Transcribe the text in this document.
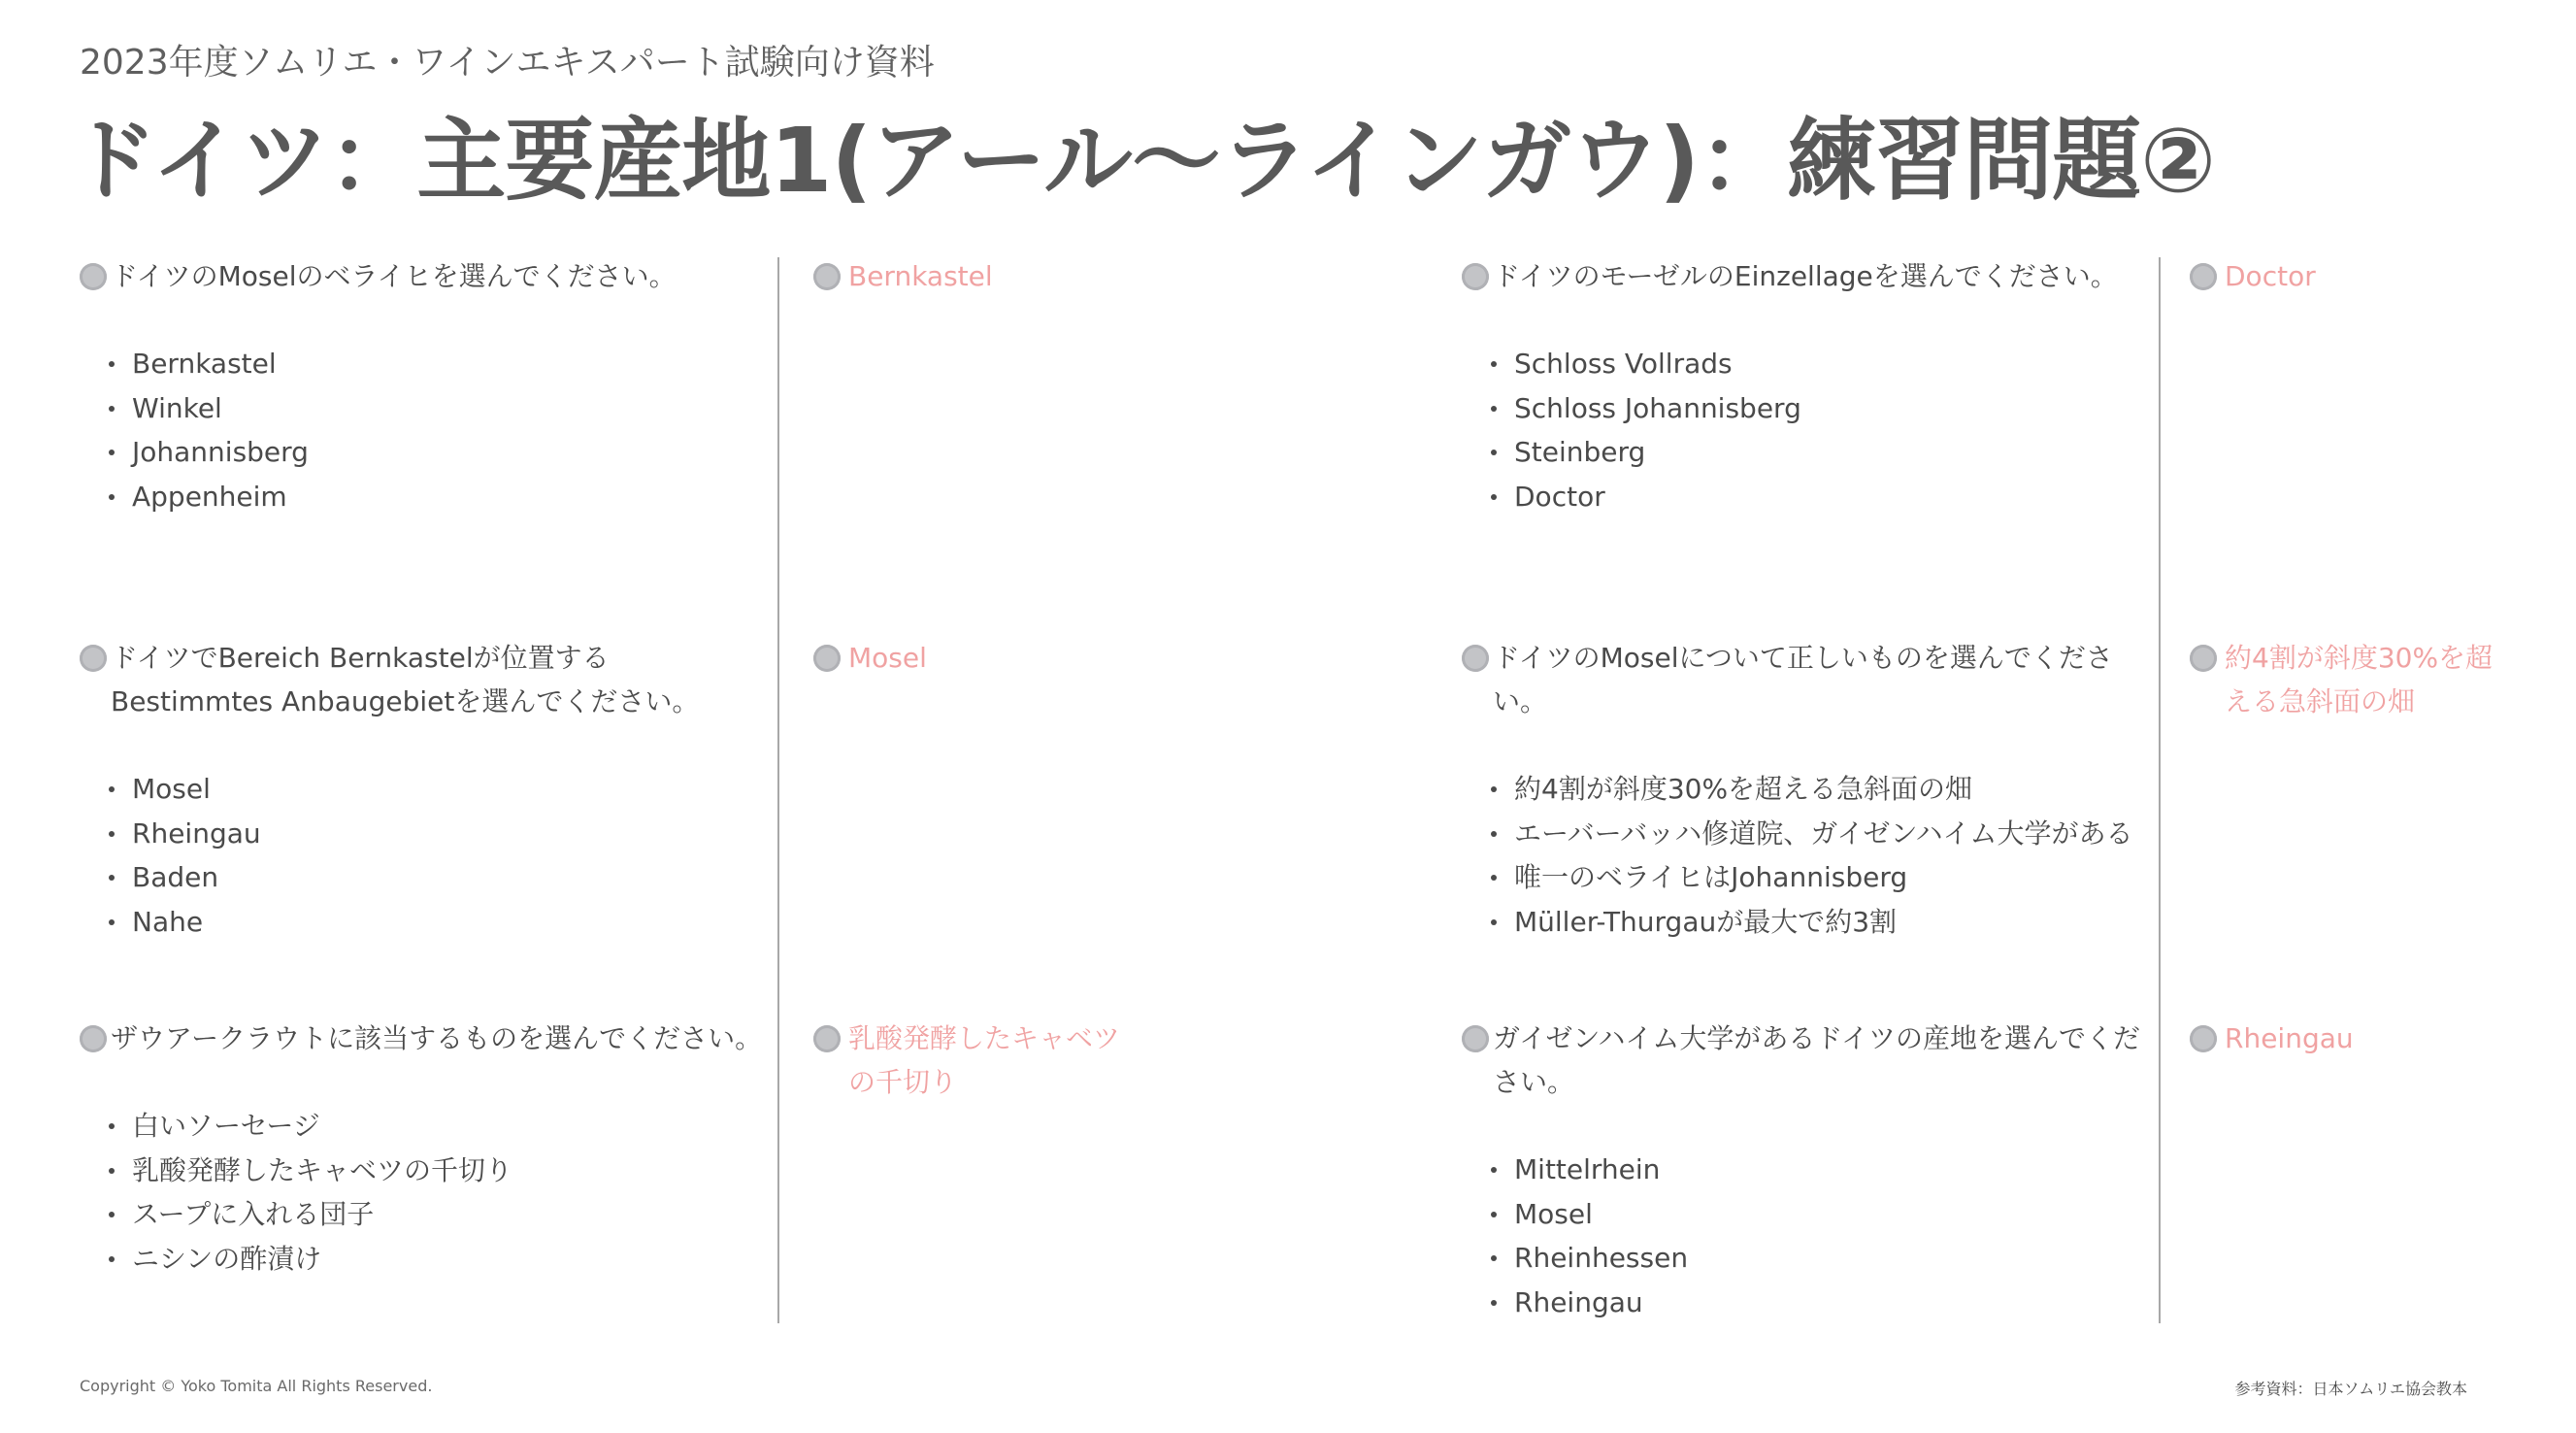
2023年度ソムリエ・ワインエキスパート試験向け資料
ドイツ：主要産地1(アール〜ラインガウ)：練習問題②
ドイツのMoselのベライヒを選んでください。
Bernkastel
Winkel
Johannisberg
Appenheim
Bernkastel
ドイツでBereich Bernkastelが位置するBestimmtes Anbaugebietを選んでください。
Mosel
Rheingau
Baden
Nahe
Mosel
ザウアークラウトに該当するものを選んでください。
白いソーセージ
乳酸発酵したキャベツの千切り
スープに入れる団子
ニシンの酢漬け
乳酸発酵したキャベツの千切り
ドイツのモーゼルのEinzellageを選んでください。
Schloss Vollrads
Schloss Johannisberg
Steinberg
Doctor
Doctor
ドイツのMoselについて正しいものを選んでください。
約4割が斜度30%を超える急斜面の畑
エーバーバッハ修道院、ガイゼンハイム大学がある
唯一のベライヒはJohannisberg
Müller-Thurgauが最大で約3割
約4割が斜度30%を超える急斜面の畑
ガイゼンハイム大学があるドイツの産地を選んでください。
Mittelrhein
Mosel
Rheinhessen
Rheingau
Rheingau
Copyright © Yoko Tomita All Rights Reserved.	参考資料：日本ソムリエ協会教本
